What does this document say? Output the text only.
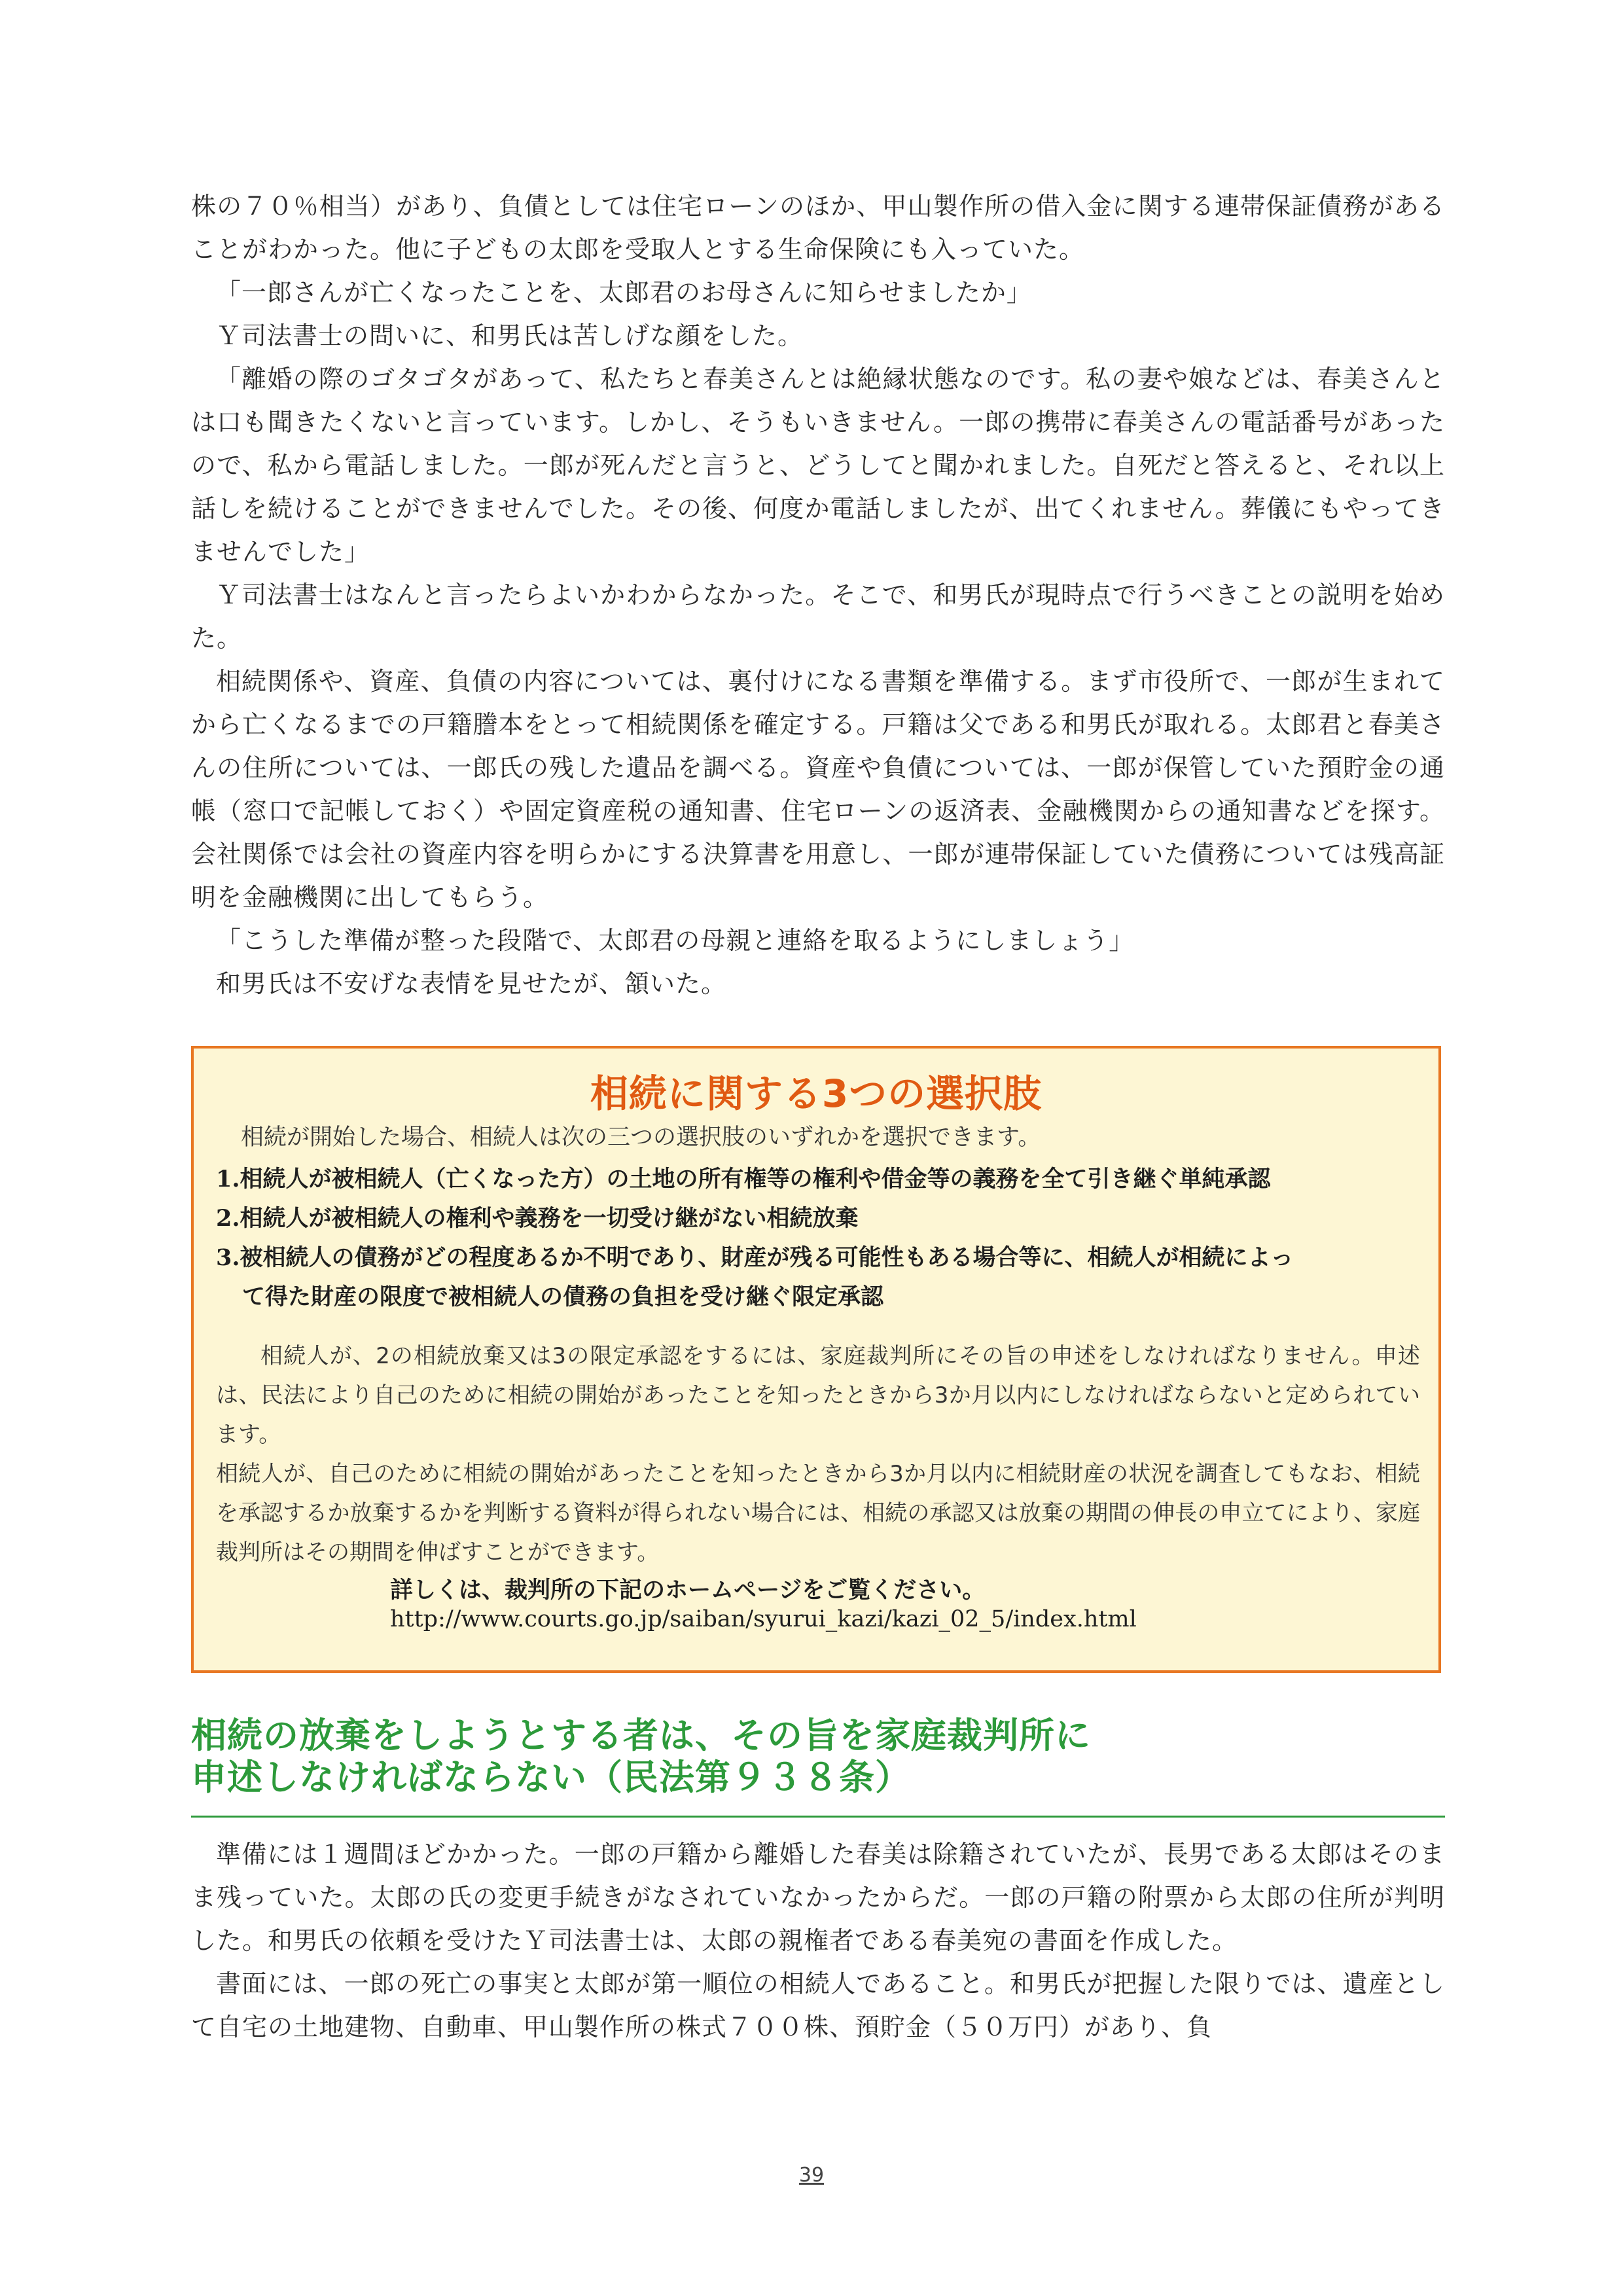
株の７０％相当）があり、負債としては住宅ローンのほか、甲山製作所の借入金に関する連帯保証債務があることがわかった。他に子どもの太郎を受取人とする生命保険にも入っていた。

「一郎さんが亡くなったことを、太郎君のお母さんに知らせましたか」

Ｙ司法書士の問いに、和男氏は苦しげな顔をした。

「離婚の際のゴタゴタがあって、私たちと春美さんとは絶縁状態なのです。私の妻や娘などは、春美さんとは口も聞きたくないと言っています。しかし、そうもいきません。一郎の携帯に春美さんの電話番号があったので、私から電話しました。一郎が死んだと言うと、どうしてと聞かれました。自死だと答えると、それ以上話しを続けることができませんでした。その後、何度か電話しましたが、出てくれません。葬儀にもやってきませんでした」

Ｙ司法書士はなんと言ったらよいかわからなかった。そこで、和男氏が現時点で行うべきことの説明を始めた。

相続関係や、資産、負債の内容については、裏付けになる書類を準備する。まず市役所で、一郎が生まれてから亡くなるまでの戸籍謄本をとって相続関係を確定する。戸籍は父である和男氏が取れる。太郎君と春美さんの住所については、一郎氏の残した遺品を調べる。資産や負債については、一郎が保管していた預貯金の通帳（窓口で記帳しておく）や固定資産税の通知書、住宅ローンの返済表、金融機関からの通知書などを探す。会社関係では会社の資産内容を明らかにする決算書を用意し、一郎が連帯保証していた債務については残高証明を金融機関に出してもらう。

「こうした準備が整った段階で、太郎君の母親と連絡を取るようにしましょう」

和男氏は不安げな表情を見せたが、頷いた。

相続に関する3つの選択肢
相続が開始した場合、相続人は次の三つの選択肢のいずれかを選択できます。
1.相続人が被相続人（亡くなった方）の土地の所有権等の権利や借金等の義務を全て引き継ぐ単純承認
2.相続人が被相続人の権利や義務を一切受け継がない相続放棄
3.被相続人の債務がどの程度あるか不明であり、財産が残る可能性もある場合等に、相続人が相続によっ
て得た財産の限度で被相続人の債務の負担を受け継ぐ限定承認

相続人が、2の相続放棄又は3の限定承認をするには、家庭裁判所にその旨の申述をしなければなりません。申述は、民法により自己のために相続の開始があったことを知ったときから3か月以内にしなければならないと定められています。

相続人が、自己のために相続の開始があったことを知ったときから3か月以内に相続財産の状況を調査してもなお、相続を承認するか放棄するかを判断する資料が得られない場合には、相続の承認又は放棄の期間の伸長の申立てにより、家庭裁判所はその期間を伸ばすことができます。

詳しくは、裁判所の下記のホームページをご覧ください。
http://www.courts.go.jp/saiban/syurui_kazi/kazi_02_5/index.html
相続の放棄をしようとする者は、その旨を家庭裁判所に
申述しなければならない（民法第９３８条）

準備には１週間ほどかかった。一郎の戸籍から離婚した春美は除籍されていたが、長男である太郎はそのまま残っていた。太郎の氏の変更手続きがなされていなかったからだ。一郎の戸籍の附票から太郎の住所が判明した。和男氏の依頼を受けたＹ司法書士は、太郎の親権者である春美宛の書面を作成した。

書面には、一郎の死亡の事実と太郎が第一順位の相続人であること。和男氏が把握した限りでは、遺産として自宅の土地建物、自動車、甲山製作所の株式７００株、預貯金（５０万円）があり、負

39
